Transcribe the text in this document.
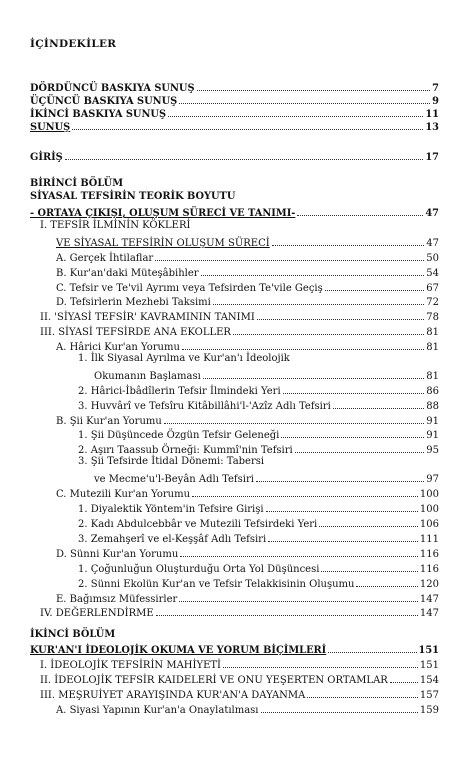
İÇİNDEKİLER
DÖRDÜNCÜ BASKIYA SUNUŞ	7
ÜÇÜNCÜ BASKIYA SUNUŞ	9
İKİNCİ BASKIYA SUNUŞ	11
SUNUŞ	13
GİRİŞ	17
BİRİNCİ BÖLÜM
SİYASAL TEFSİRİN TEORİK BOYUTU
- ORTAYA ÇIKIŞI, OLUŞUM SÜRECİ VE TANIMI-	47
I. TEFSİR İLMİNİN KÖKLERİ
VE SİYASAL TEFSİRİN OLUŞUM SÜRECİ	47
A. Gerçek İhtilaflar	50
B. Kur'an'daki Müteşâbihler	54
C. Tefsir ve Te'vil Ayrımı veya Tefsirden Te'vile Geçiş	67
D. Tefsirlerin Mezhebi Taksimi	72
II. 'SİYASİ TEFSİR' KAVRAMININ TANIMI	78
III. SİYASİ TEFSİRDE ANA EKOLLER	81
A. Hârici Kur'an Yorumu	81
1. İlk Siyasal Ayrılma ve Kur'an'ı İdeolojik
Okumanın Başlaması	81
2. Hârici-İbâdîlerin Tefsir İlmindeki Yeri	86
3. Huvvârî ve Tefsîru Kitâbillâhi'l-'Azîz Adlı Tefsiri	88
B. Şii Kur'an Yorumu	91
1. Şii Düşüncede Özgün Tefsir Geleneği	91
2. Aşırı Taassub Örneği: Kummî'nin Tefsiri	95
3. Şii Tefsirde İtidal Dönemi: Tabersi
ve Mecme'u'l-Beyân Adlı Tefsiri	97
C. Mutezili Kur'an Yorumu	100
1. Diyalektik Yöntem'in Tefsire Girişi	100
2. Kadı Abdulcebbâr ve Mutezili Tefsirdeki Yeri	106
3. Zemahşerî ve el-Keşşâf Adlı Tefsiri	111
D. Sünni Kur'an Yorumu	116
1. Çoğunluğun Oluşturduğu Orta Yol Düşüncesi	116
2. Sünni Ekolün Kur'an ve Tefsir Telakkisinin Oluşumu	120
E. Bağımsız Müfessirler	147
IV. DEĞERLENDİRME	147
İKİNCİ BÖLÜM
KUR'AN'I İDEOLOJİK OKUMA VE YORUM BİÇİMLERİ	151
I. İDEOLOJİK TEFSİRİN MAHİYETİ	151
II. İDEOLOJİK TEFSİR KAIDELERİ VE ONU YEŞERTEN ORTAMLAR	154
III. MEŞRUİYET ARAYIŞINDA KUR'AN'A DAYANMA	157
A. Siyasi Yapının Kur'an'a Onaylatılması	159
